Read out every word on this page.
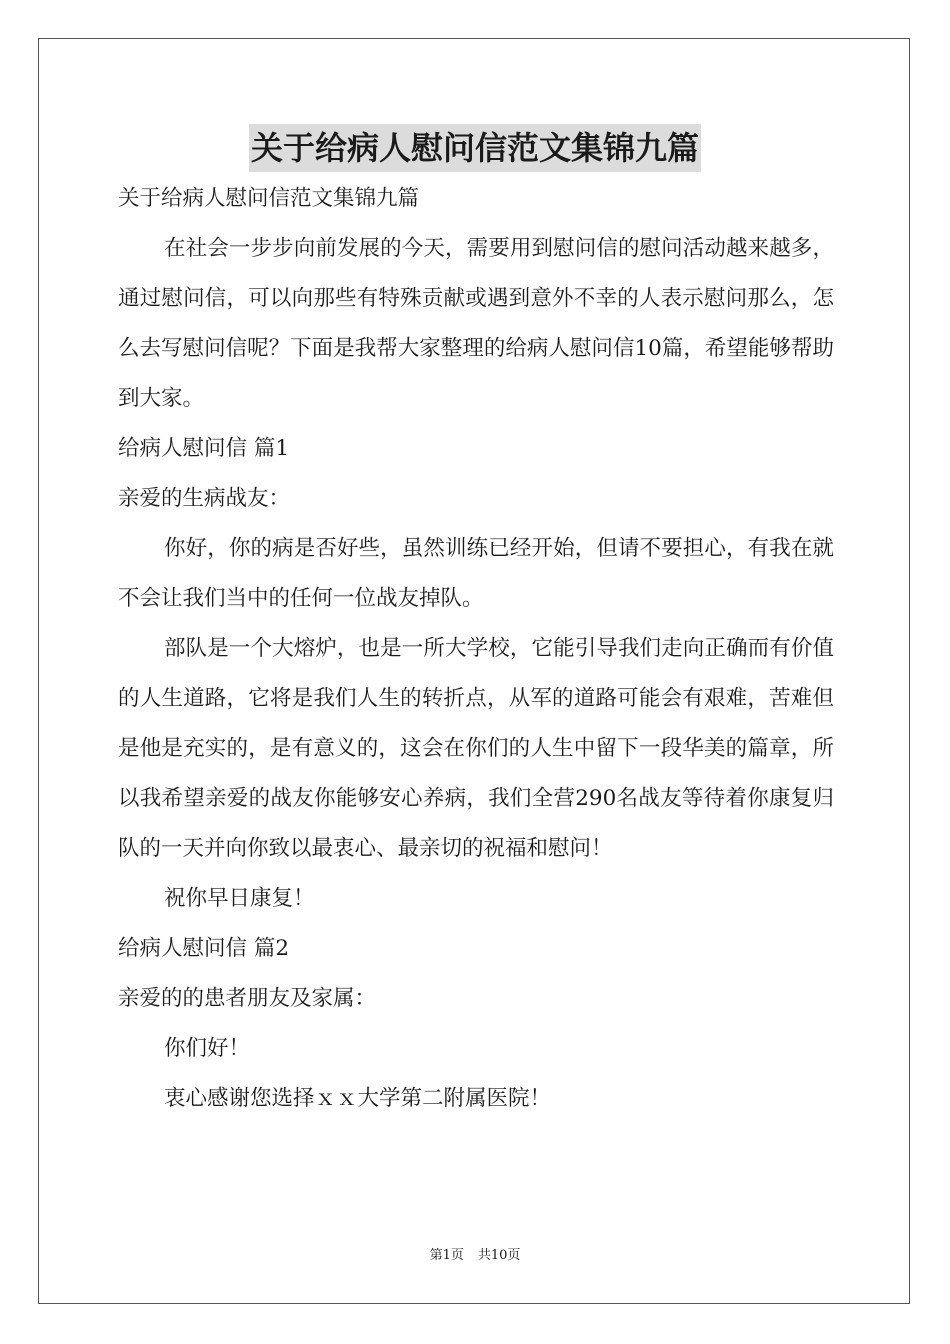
关于给病人慰问信范文集锦九篇
关于给病人慰问信范文集锦九篇

在社会一步步向前发展的今天，需要用到慰问信的慰问活动越来越多，通过慰问信，可以向那些有特殊贡献或遇到意外不幸的人表示慰问那么，怎么去写慰问信呢？下面是我帮大家整理的给病人慰问信10篇，希望能够帮助到大家。

给病人慰问信 篇1
亲爱的生病战友：

你好，你的病是否好些，虽然训练已经开始，但请不要担心，有我在就不会让我们当中的任何一位战友掉队。

部队是一个大熔炉，也是一所大学校，它能引导我们走向正确而有价值的人生道路，它将是我们人生的转折点，从军的道路可能会有艰难，苦难但是他是充实的，是有意义的，这会在你们的人生中留下一段华美的篇章，所以我希望亲爱的战友你能够安心养病，我们全营290名战友等待着你康复归队的一天并向你致以最衷心、最亲切的祝福和慰问！

祝你早日康复！
给病人慰问信 篇2
亲爱的的患者朋友及家属：
你们好！
衷心感谢您选择ｘｘ大学第二附属医院！
第1页 共10页
